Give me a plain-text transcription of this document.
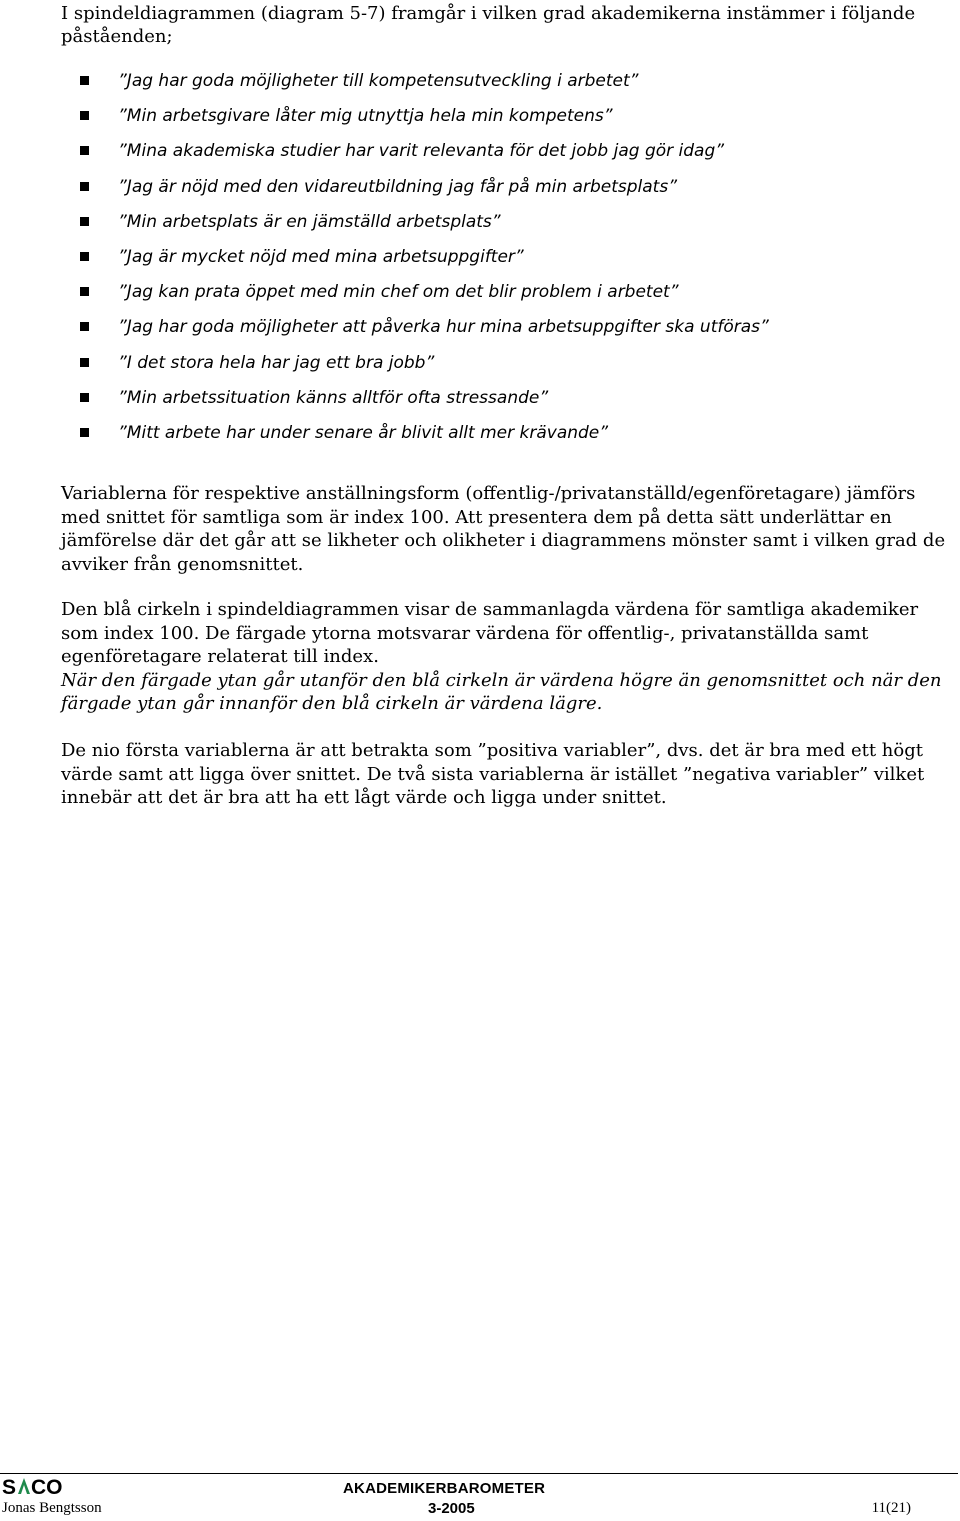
I spindeldiagrammen (diagram 5-7) framgår i vilken grad akademikerna instämmer i följande påståenden;

”Jag har goda möjligheter till kompetensutveckling i arbetet”
”Min arbetsgivare låter mig utnyttja hela min kompetens”
”Mina akademiska studier har varit relevanta för det jobb jag gör idag”
”Jag är nöjd med den vidareutbildning jag får på min arbetsplats”
”Min arbetsplats är en jämställd arbetsplats”
”Jag är mycket nöjd med mina arbetsuppgifter”
”Jag kan prata öppet med min chef om det blir problem i arbetet”
”Jag har goda möjligheter att påverka hur mina arbetsuppgifter ska utföras”
”I det stora hela har jag ett bra jobb”
”Min arbetssituation känns alltför ofta stressande”
”Mitt arbete har under senare år blivit allt mer krävande”

Variablerna för respektive anställningsform (offentlig-/privatanställd/egenföretagare) jämförs med snittet för samtliga som är index 100. Att presentera dem på detta sätt underlättar en jämförelse där det går att se likheter och olikheter i diagrammens mönster samt i vilken grad de avviker från genomsnittet.

Den blå cirkeln i spindeldiagrammen visar de sammanlagda värdena för samtliga akademiker som index 100. De färgade ytorna motsvarar värdena för offentlig-, privatanställda samt egenföretagare relaterat till index.
När den färgade ytan går utanför den blå cirkeln är värdena högre än genomsnittet och när den färgade ytan går innanför den blå cirkeln är värdena lägre.

De nio första variablerna är att betrakta som ”positiva variabler”, dvs. det är bra med ett högt värde samt att ligga över snittet. De två sista variablerna är istället ”negativa variabler” vilket innebär att det är bra att ha ett lågt värde och ligga under snittet.

S CO	AKADEMIKERBAROMETER
Jonas Bengtsson	3-2005	11(21)
